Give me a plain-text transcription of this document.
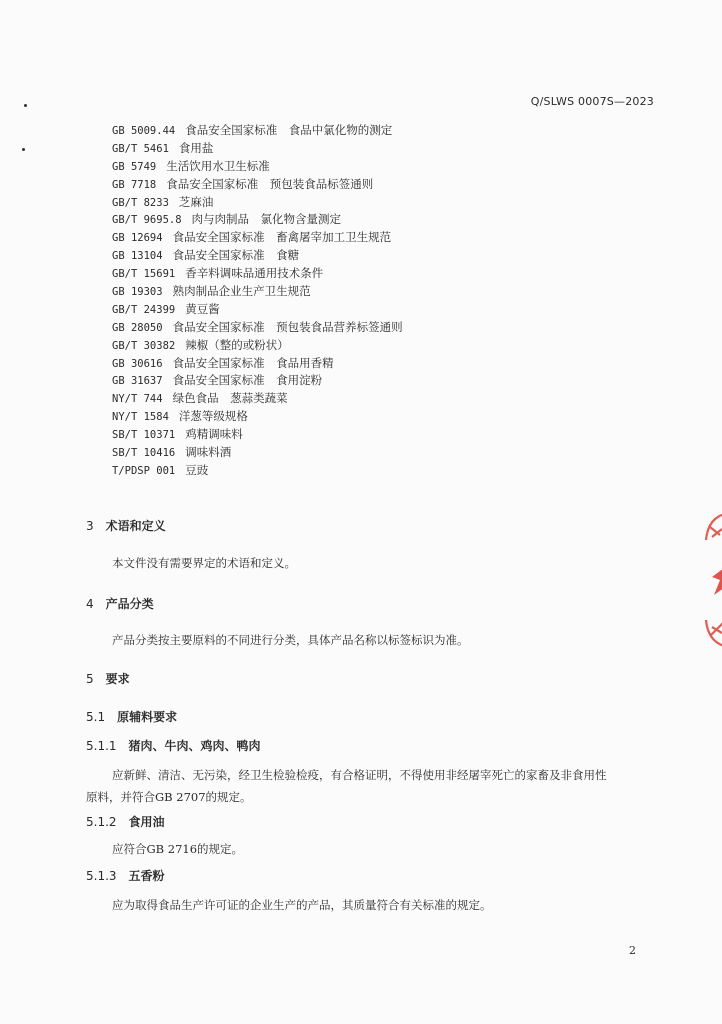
Q/SLWS 0007S—2023
GB 5009.44 食品安全国家标准　食品中氯化物的测定
GB/T 5461 食用盐
GB 5749 生活饮用水卫生标准
GB 7718 食品安全国家标准　预包装食品标签通则
GB/T 8233 芝麻油
GB/T 9695.8 肉与肉制品　氯化物含量测定
GB 12694 食品安全国家标准　畜禽屠宰加工卫生规范
GB 13104 食品安全国家标准　食糖
GB/T 15691 香辛料调味品通用技术条件
GB 19303 熟肉制品企业生产卫生规范
GB/T 24399 黄豆酱
GB 28050 食品安全国家标准　预包装食品营养标签通则
GB/T 30382 辣椒（整的或粉状）
GB 30616 食品安全国家标准　食品用香精
GB 31637 食品安全国家标准　食用淀粉
NY/T 744 绿色食品　葱蒜类蔬菜
NY/T 1584 洋葱等级规格
SB/T 10371 鸡精调味料
SB/T 10416 调味料酒
T/PDSP 001 豆豉
3 术语和定义
本文件没有需要界定的术语和定义。
4 产品分类
产品分类按主要原料的不同进行分类，具体产品名称以标签标识为准。
5 要求
5.1 原辅料要求
5.1.1 猪肉、牛肉、鸡肉、鸭肉
应新鲜、清洁、无污染，经卫生检验检疫，有合格证明，不得使用非经屠宰死亡的家畜及非食用性
原料，并符合GB 2707的规定。
5.1.2 食用油
应符合GB 2716的规定。
5.1.3 五香粉
应为取得食品生产许可证的企业生产的产品，其质量符合有关标准的规定。
2
